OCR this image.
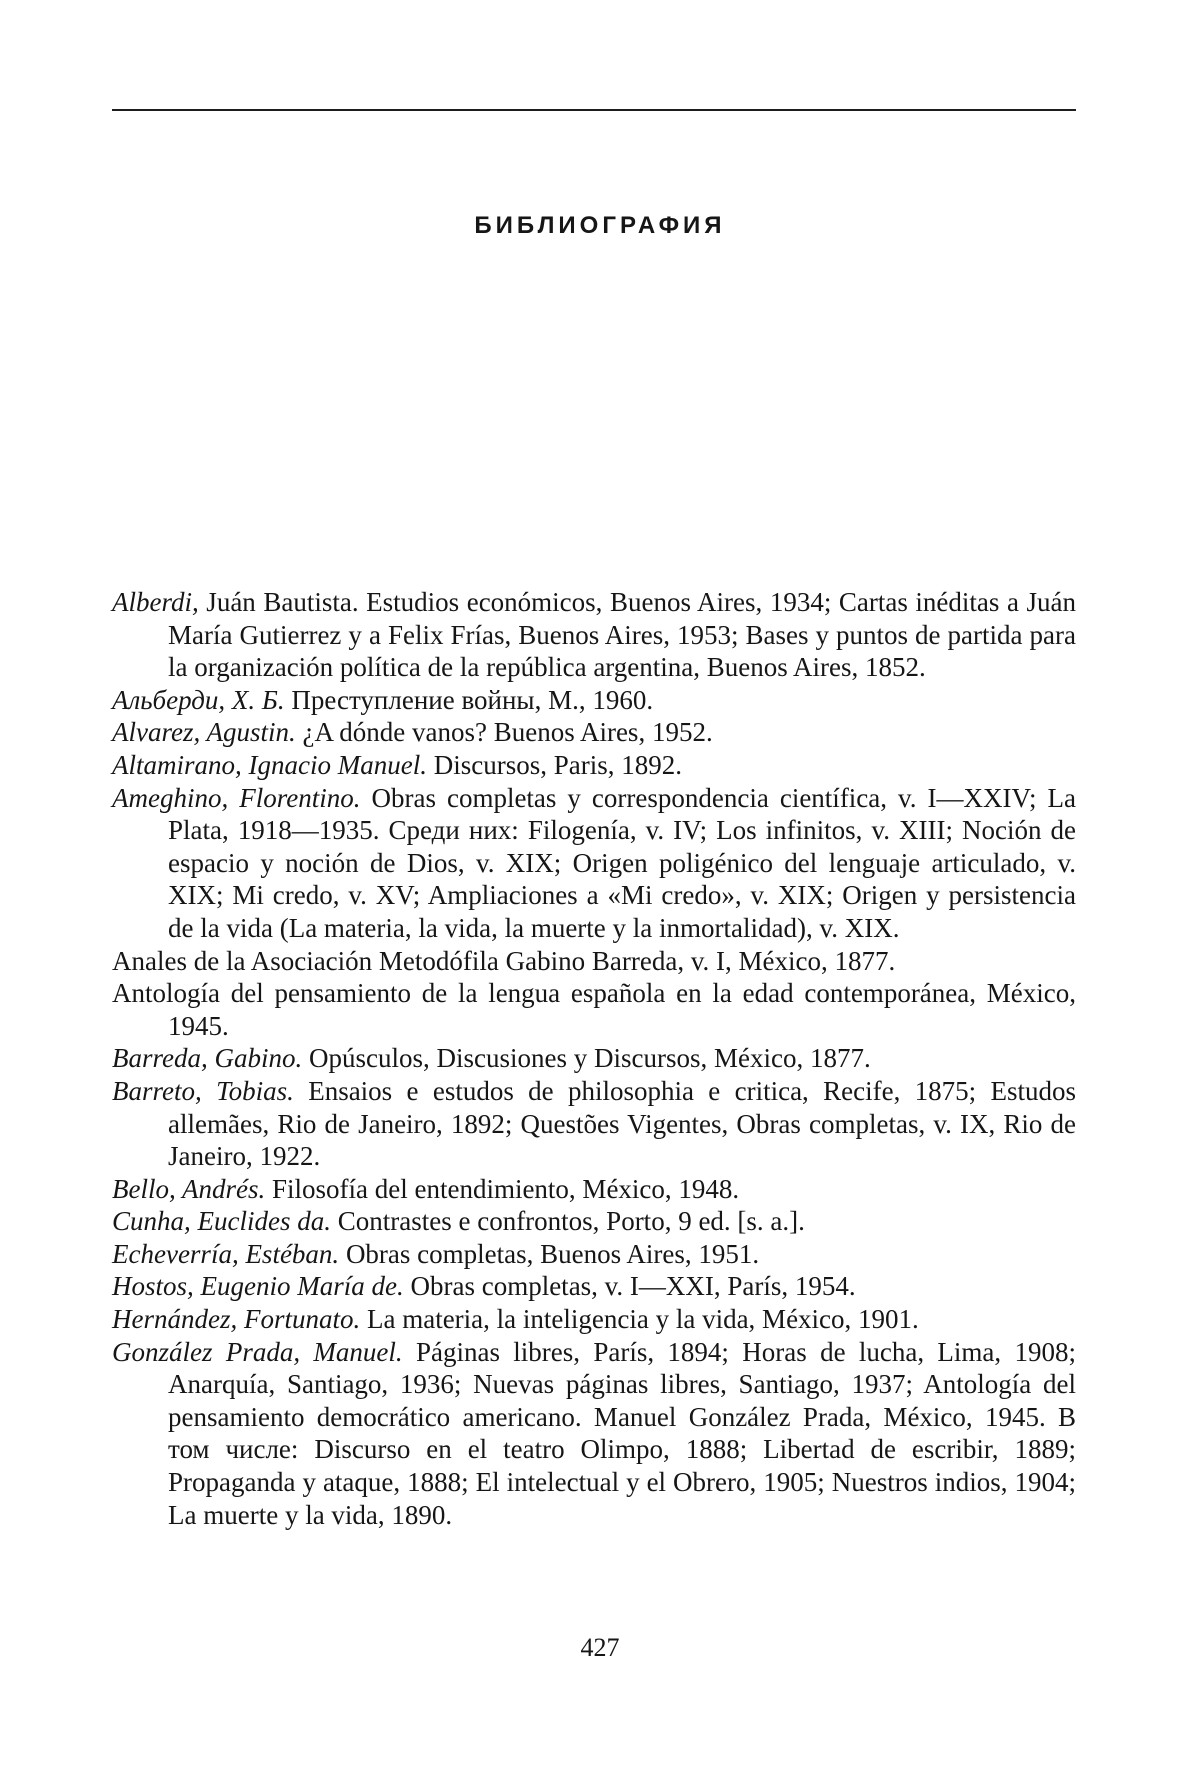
БИБЛИОГРАФИЯ
Alberdi, Juán Bautista. Estudios económicos, Buenos Aires, 1934; Cartas inéditas a Juán María Gutierrez y a Felix Frías, Buenos Aires, 1953; Bases y puntos de partida para la organización política de la república argentina, Buenos Aires, 1852.
Альберди, Х. Б. Преступление войны, М., 1960.
Alvarez, Agustin. ¿A dónde vanos? Buenos Aires, 1952.
Altamirano, Ignacio Manuel. Discursos, Paris, 1892.
Ameghino, Florentino. Obras completas y correspondencia científica, v. I—XXIV; La Plata, 1918—1935. Среди них: Filogenía, v. IV; Los infinitos, v. XIII; Noción de espacio y noción de Dios, v. XIX; Origen poligénico del lenguaje articulado, v. XIX; Mi credo, v. XV; Ampliaciones a «Mi credo», v. XIX; Origen y persistencia de la vida (La materia, la vida, la muerte y la inmortalidad), v. XIX.
Anales de la Asociación Metodófila Gabino Barreda, v. I, México, 1877.
Antología del pensamiento de la lengua española en la edad contemporánea, México, 1945.
Barreda, Gabino. Opúsculos, Discusiones y Discursos, México, 1877.
Barreto, Tobias. Ensaios e estudos de philosophia e critica, Recife, 1875; Estudos allemães, Rio de Janeiro, 1892; Questões Vigentes, Obras completas, v. IX, Rio de Janeiro, 1922.
Bello, Andrés. Filosofía del entendimiento, México, 1948.
Cunha, Euclides da. Contrastes e confrontos, Porto, 9 ed. [s. a.].
Echeverría, Estéban. Obras completas, Buenos Aires, 1951.
Hostos, Eugenio María de. Obras completas, v. I—XXI, París, 1954.
Hernández, Fortunato. La materia, la inteligencia y la vida, México, 1901.
González Prada, Manuel. Páginas libres, París, 1894; Horas de lucha, Lima, 1908; Anarquía, Santiago, 1936; Nuevas páginas libres, Santiago, 1937; Antología del pensamiento democrático americano. Manuel González Prada, México, 1945. В том числе: Discurso en el teatro Olimpo, 1888; Libertad de escribir, 1889; Propaganda y ataque, 1888; El intelectual y el Obrero, 1905; Nuestros indios, 1904; La muerte y la vida, 1890.
427
